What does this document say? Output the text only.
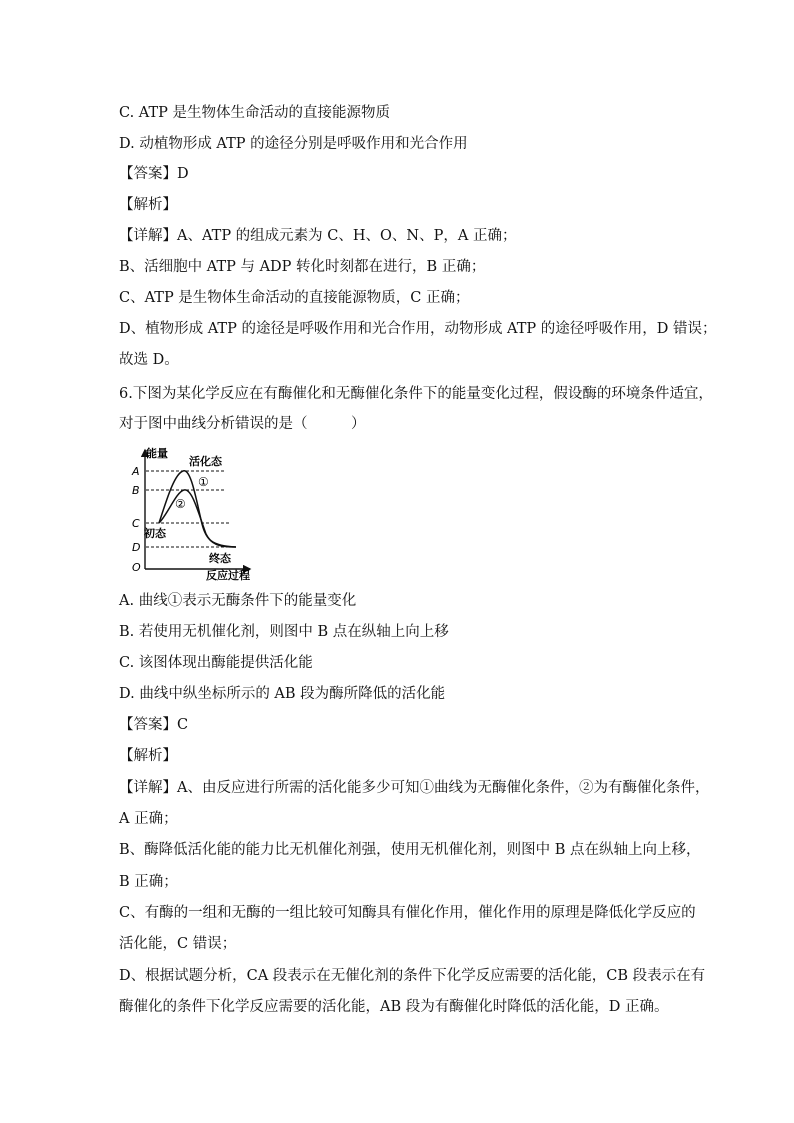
C. ATP 是生物体生命活动的直接能源物质
D. 动植物形成 ATP 的途径分别是呼吸作用和光合作用
【答案】D
【解析】
【详解】A、ATP 的组成元素为 C、H、O、N、P，A 正确；
B、活细胞中 ATP 与 ADP 转化时刻都在进行，B 正确；
C、ATP 是生物体生命活动的直接能源物质，C 正确；
D、植物形成 ATP 的途径是呼吸作用和光合作用，动物形成 ATP 的途径呼吸作用，D 错误；
故选 D。
6.下图为某化学反应在有酶催化和无酶催化条件下的能量变化过程，假设酶的环境条件适宜，
对于图中曲线分析错误的是（　　　）
能量
反应过程
A
B
C
D
O
活化态
初态
终态
①
②
A. 曲线①表示无酶条件下的能量变化
B. 若使用无机催化剂，则图中 B 点在纵轴上向上移
C. 该图体现出酶能提供活化能
D. 曲线中纵坐标所示的 AB 段为酶所降低的活化能
【答案】C
【解析】
【详解】A、由反应进行所需的活化能多少可知①曲线为无酶催化条件，②为有酶催化条件，
A 正确；
B、酶降低活化能的能力比无机催化剂强，使用无机催化剂，则图中 B 点在纵轴上向上移，
B 正确；
C、有酶的一组和无酶的一组比较可知酶具有催化作用，催化作用的原理是降低化学反应的
活化能，C 错误；
D、根据试题分析，CA 段表示在无催化剂的条件下化学反应需要的活化能，CB 段表示在有
酶催化的条件下化学反应需要的活化能，AB 段为有酶催化时降低的活化能，D 正确。
